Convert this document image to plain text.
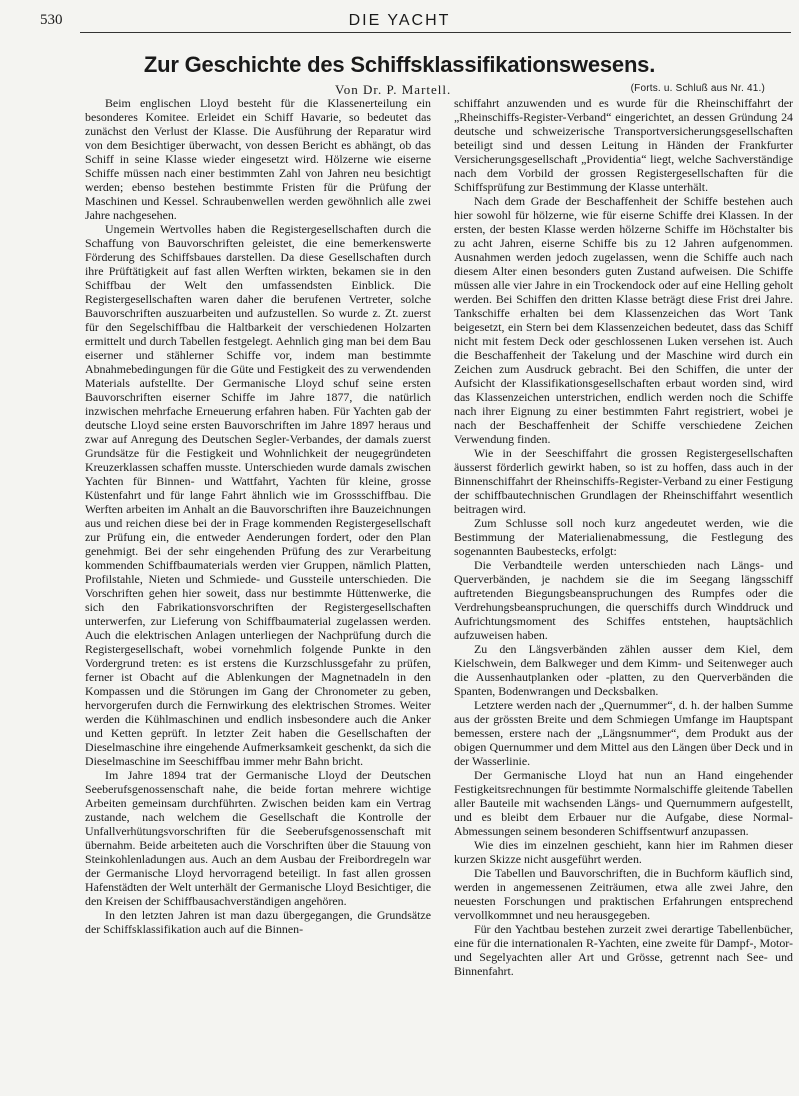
530	DIE YACHT
Zur Geschichte des Schiffsklassifikationswesens.
Von Dr. P. Martell.	(Forts. u. Schluß aus Nr. 41.)

Beim englischen Lloyd besteht für die Klassenerteilung ein besonderes Komitee. Erleidet ein Schiff Havarie, so bedeutet das zunächst den Verlust der Klasse. Die Ausführung der Reparatur wird von dem Besichtiger überwacht, von dessen Bericht es abhängt, ob das Schiff in seine Klasse wieder eingesetzt wird. Hölzerne wie eiserne Schiffe müssen nach einer bestimmten Zahl von Jahren neu besichtigt werden; ebenso bestehen bestimmte Fristen für die Prüfung der Maschinen und Kessel. Schraubenwellen werden gewöhnlich alle zwei Jahre nachgesehen.

Ungemein Wertvolles haben die Registergesellschaften durch die Schaffung von Bauvorschriften geleistet, die eine bemerkenswerte Förderung des Schiffsbaues darstellen. Da diese Gesellschaften durch ihre Prüftätigkeit auf fast allen Werften wirkten, bekamen sie in den Schiffbau der Welt den umfassendsten Einblick. Die Registergesellschaften waren daher die berufenen Vertreter, solche Bauvorschriften auszuarbeiten und aufzustellen. So wurde z. Zt. zuerst für den Segelschiffbau die Haltbarkeit der verschiedenen Holzarten ermittelt und durch Tabellen festgelegt. Aehnlich ging man bei dem Bau eiserner und stählerner Schiffe vor, indem man bestimmte Abnahmebedingungen für die Güte und Festigkeit des zu verwendenden Materials aufstellte. Der Germanische Lloyd schuf seine ersten Bauvorschriften eiserner Schiffe im Jahre 1877, die natürlich inzwischen mehrfache Erneuerung erfahren haben. Für Yachten gab der deutsche Lloyd seine ersten Bauvorschriften im Jahre 1897 heraus und zwar auf Anregung des Deutschen Segler-Verbandes, der damals zuerst Grundsätze für die Festigkeit und Wohnlichkeit der neugegründeten Kreuzerklassen schaffen musste. Unterschieden wurde damals zwischen Yachten für Binnen- und Wattfahrt, Yachten für kleine, grosse Küstenfahrt und für lange Fahrt ähnlich wie im Grossschiffbau. Die Werften arbeiten im Anhalt an die Bauvorschriften ihre Bauzeichnungen aus und reichen diese bei der in Frage kommenden Registergesellschaft zur Prüfung ein, die entweder Aenderungen fordert, oder den Plan genehmigt. Bei der sehr eingehenden Prüfung des zur Verarbeitung kommenden Schiffbaumaterials werden vier Gruppen, nämlich Platten, Profilstahle, Nieten und Schmiede- und Gussteile unterschieden. Die Vorschriften gehen hier soweit, dass nur bestimmte Hüttenwerke, die sich den Fabrikationsvorschriften der Registergesellschaften unterwerfen, zur Lieferung von Schiffbaumaterial zugelassen werden. Auch die elektrischen Anlagen unterliegen der Nachprüfung durch die Registergesellschaft, wobei vornehmlich folgende Punkte in den Vordergrund treten: es ist erstens die Kurzschlussgefahr zu prüfen, ferner ist Obacht auf die Ablenkungen der Magnetnadeln in den Kompassen und die Störungen im Gang der Chronometer zu geben, hervorgerufen durch die Fernwirkung des elektrischen Stromes. Weiter werden die Kühlmaschinen und endlich insbesondere auch die Anker und Ketten geprüft. In letzter Zeit haben die Gesellschaften der Dieselmaschine ihre eingehende Aufmerksamkeit geschenkt, da sich die Dieselmaschine im Seeschiffbau immer mehr Bahn bricht.

Im Jahre 1894 trat der Germanische Lloyd der Deutschen Seeberufsgenossenschaft nahe, die beide fortan mehrere wichtige Arbeiten gemeinsam durchführten. Zwischen beiden kam ein Vertrag zustande, nach welchem die Gesellschaft die Kontrolle der Unfallverhütungsvorschriften für die Seeberufsgenossenschaft mit übernahm. Beide arbeiteten auch die Vorschriften über die Stauung von Steinkohlenladungen aus. Auch an dem Ausbau der Freibordregeln war der Germanische Lloyd hervorragend beteiligt. In fast allen grossen Hafenstädten der Welt unterhält der Germanische Lloyd Besichtiger, die den Kreisen der Schiffbausachverständigen angehören.

In den letzten Jahren ist man dazu übergegangen, die Grundsätze der Schiffsklassifikation auch auf die Binnen-

schiffahrt anzuwenden und es wurde für die Rheinschiffahrt der „Rheinschiffs-Register-Verband“ eingerichtet, an dessen Gründung 24 deutsche und schweizerische Transportversicherungsgesellschaften beteiligt sind und dessen Leitung in Händen der Frankfurter Versicherungsgesellschaft „Providentia“ liegt, welche Sachverständige nach dem Vorbild der grossen Registergesellschaften für die Schiffsprüfung zur Bestimmung der Klasse unterhält.

Nach dem Grade der Beschaffenheit der Schiffe bestehen auch hier sowohl für hölzerne, wie für eiserne Schiffe drei Klassen. In der ersten, der besten Klasse werden hölzerne Schiffe im Höchstalter bis zu acht Jahren, eiserne Schiffe bis zu 12 Jahren aufgenommen. Ausnahmen werden jedoch zugelassen, wenn die Schiffe auch nach diesem Alter einen besonders guten Zustand aufweisen. Die Schiffe müssen alle vier Jahre in ein Trockendock oder auf eine Helling geholt werden. Bei Schiffen den dritten Klasse beträgt diese Frist drei Jahre. Tankschiffe erhalten bei dem Klassenzeichen das Wort Tank beigesetzt, ein Stern bei dem Klassenzeichen bedeutet, dass das Schiff nicht mit festem Deck oder geschlossenen Luken versehen ist. Auch die Beschaffenheit der Takelung und der Maschine wird durch ein Zeichen zum Ausdruck gebracht. Bei den Schiffen, die unter der Aufsicht der Klassifikationsgesellschaften erbaut worden sind, wird das Klassenzeichen unterstrichen, endlich werden noch die Schiffe nach ihrer Eignung zu einer bestimmten Fahrt registriert, wobei je nach der Beschaffenheit der Schiffe verschiedene Zeichen Verwendung finden.

Wie in der Seeschiffahrt die grossen Registergesellschaften äusserst förderlich gewirkt haben, so ist zu hoffen, dass auch in der Binnenschiffahrt der Rheinschiffs-Register-Verband zu einer Festigung der schiffbautechnischen Grundlagen der Rheinschiffahrt wesentlich beitragen wird.

Zum Schlusse soll noch kurz angedeutet werden, wie die Bestimmung der Materialienabmessung, die Festlegung des sogenannten Baubestecks, erfolgt:

Die Verbandteile werden unterschieden nach Längs- und Querverbänden, je nachdem sie die im Seegang längsschiff auftretenden Biegungsbeanspruchungen des Rumpfes oder die Verdrehungsbeanspruchungen, die querschiffs durch Winddruck und Aufrichtungsmoment des Schiffes entstehen, hauptsächlich aufzuweisen haben.

Zu den Längsverbänden zählen ausser dem Kiel, dem Kielschwein, dem Balkweger und dem Kimm- und Seitenweger auch die Aussenhautplanken oder -platten, zu den Querverbänden die Spanten, Bodenwrangen und Decksbalken.

Letztere werden nach der „Quernummer“, d. h. der halben Summe aus der grössten Breite und dem Schmiegen Umfange im Hauptspant bemessen, erstere nach der „Längsnummer“, dem Produkt aus der obigen Quernummer und dem Mittel aus den Längen über Deck und in der Wasserlinie.

Der Germanische Lloyd hat nun an Hand eingehender Festigkeitsrechnungen für bestimmte Normalschiffe gleitende Tabellen aller Bauteile mit wachsenden Längs- und Quernummern aufgestellt, und es bleibt dem Erbauer nur die Aufgabe, diese Normal-Abmessungen seinem besonderen Schiffsentwurf anzupassen.

Wie dies im einzelnen geschieht, kann hier im Rahmen dieser kurzen Skizze nicht ausgeführt werden.

Die Tabellen und Bauvorschriften, die in Buchform käuflich sind, werden in angemessenen Zeiträumen, etwa alle zwei Jahre, den neuesten Forschungen und praktischen Erfahrungen entsprechend vervollkommnet und neu herausgegeben.

Für den Yachtbau bestehen zurzeit zwei derartige Tabellenbücher, eine für die internationalen R-Yachten, eine zweite für Dampf-, Motor- und Segelyachten aller Art und Grösse, getrennt nach See- und Binnenfahrt.
